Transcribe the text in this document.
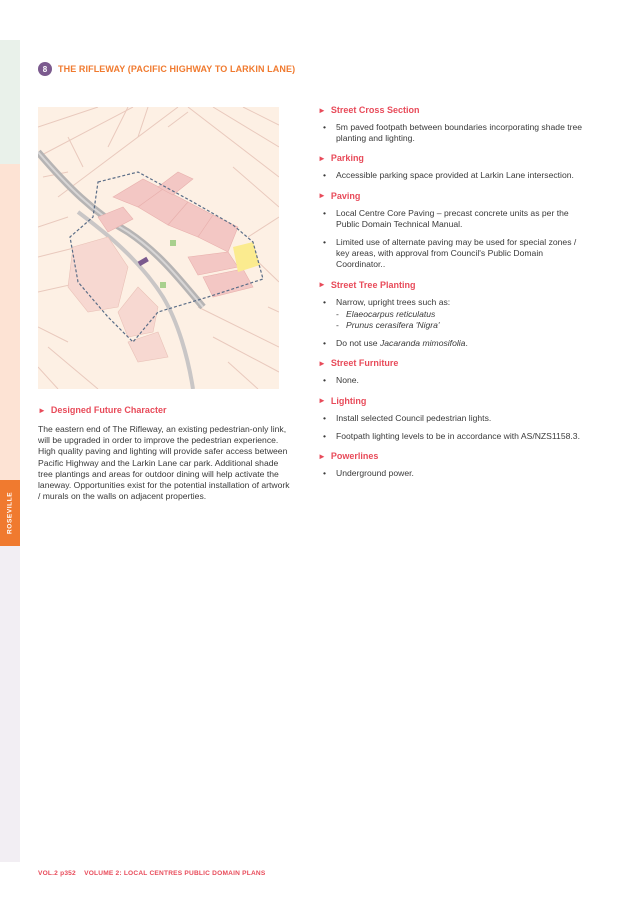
ROSEVILLE
8	THE RIFLEWAY (PACIFIC HIGHWAY TO LARKIN LANE)
► Designed Future Character

The eastern end of The Rifleway, an existing pedestrian-only link, will be upgraded in order to improve the pedestrian experience. High quality paving and lighting will provide safer access between Pacific Highway and the Larkin Lane car park. Additional shade tree plantings and areas for outdoor dining will help activate the laneway. Opportunities exist for the potential installation of artwork / murals on the walls on adjacent properties.

► Street Cross Section
• 5m paved footpath between boundaries incorporating shade tree planting and lighting.
► Parking
• Accessible parking space provided at Larkin Lane intersection.
► Paving
• Local Centre Core Paving – precast concrete units as per the Public Domain Technical Manual.
• Limited use of alternate paving may be used for special zones / key areas, with approval from Council's Public Domain Coordinator..
► Street Tree Planting
• Narrow, upright trees such as:
- Elaeocarpus reticulatus
- Prunus cerasifera 'Nigra'
• Do not use Jacaranda mimosifolia.
► Street Furniture
• None.
► Lighting
• Install selected Council pedestrian lights.
• Footpath lighting levels to be in accordance with AS/NZS1158.3.
► Powerlines
• Underground power.
VOL.2 p352 VOLUME 2: LOCAL CENTRES PUBLIC DOMAIN PLANS
